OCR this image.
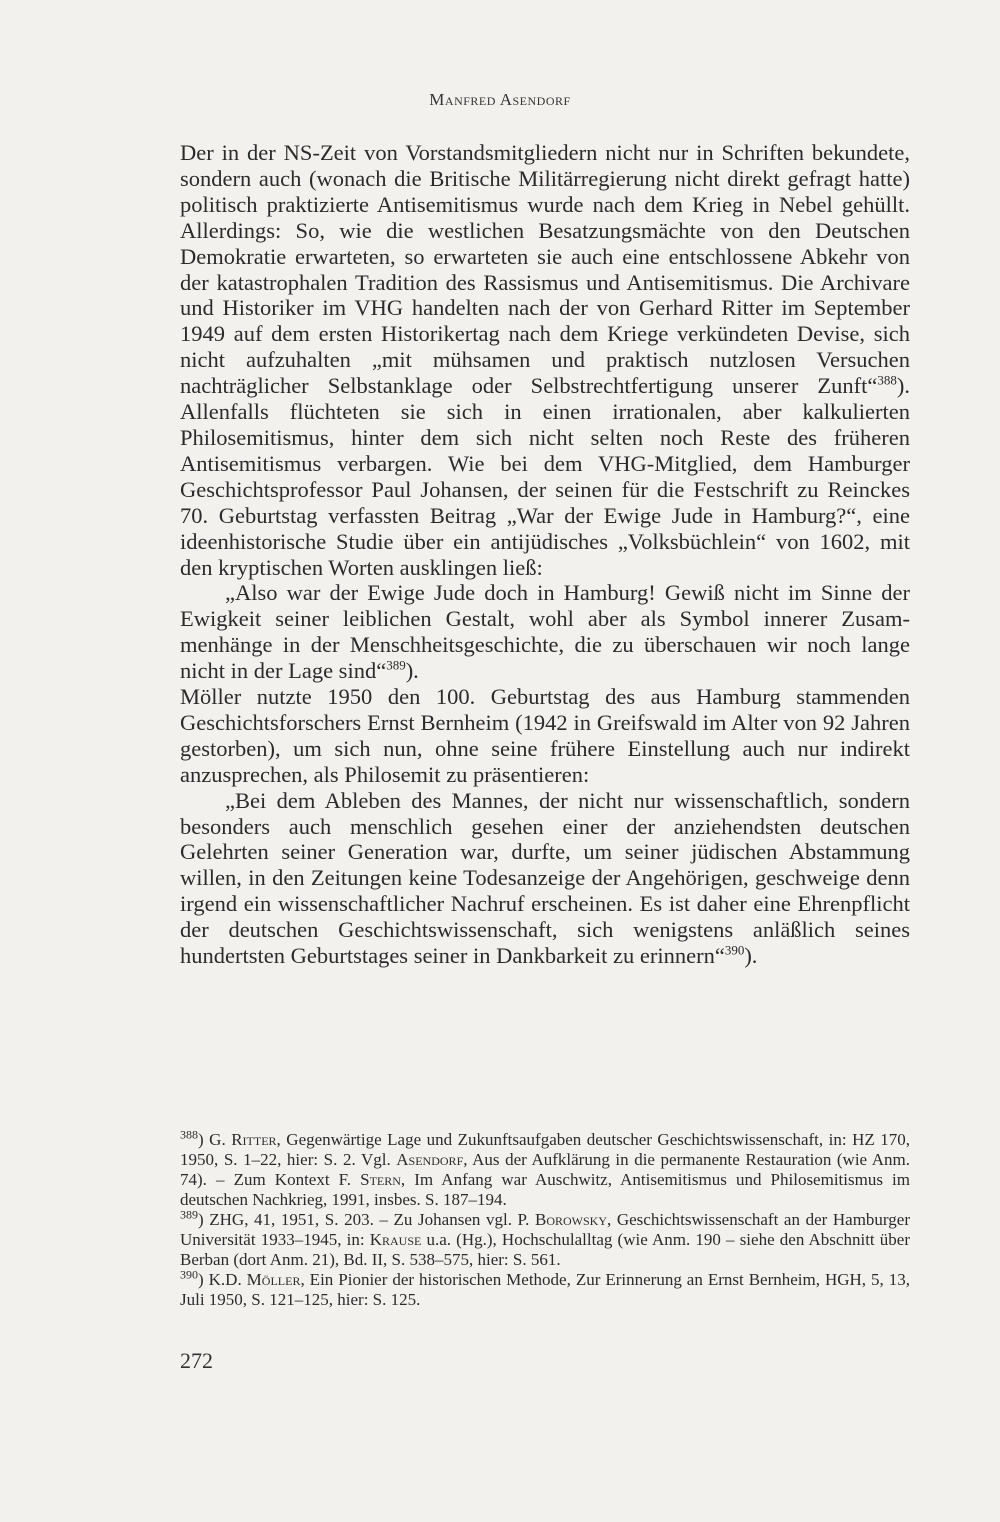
Manfred Asendorf

Der in der NS-Zeit von Vorstandsmitgliedern nicht nur in Schriften bekundete, sondern auch (wonach die Britische Militärregierung nicht direkt gefragt hatte) politisch praktizierte Antisemitismus wurde nach dem Krieg in Nebel gehüllt. Allerdings: So, wie die westlichen Besatzungsmächte von den Deutschen Demokratie erwarteten, so erwarteten sie auch eine entschlossene Abkehr von der katastrophalen Tradition des Rassismus und Antisemitismus. Die Archivare und Historiker im VHG handelten nach der von Gerhard Ritter im September 1949 auf dem ersten Historikertag nach dem Kriege verkündeten Devise, sich nicht aufzuhalten „mit mühsamen und praktisch nutzlosen Versuchen nachträglicher Selbstanklage oder Selbstrechtfertigung unserer Zunft“$^{388}$). Allenfalls flüchteten sie sich in einen irrationalen, aber kalkulierten Philosemitismus, hinter dem sich nicht selten noch Reste des früheren Antisemitismus verbargen. Wie bei dem VHG-Mitglied, dem Hamburger Geschichtsprofessor Paul Johansen, der seinen für die Festschrift zu Reinckes 70. Geburtstag verfassten Beitrag „War der Ewige Jude in Hamburg?“, eine ideenhistorische Studie über ein antijüdisches „Volksbüchlein“ von 1602, mit den kryptischen Worten ausklingen ließ:

„Also war der Ewige Jude doch in Hamburg! Gewiß nicht im Sinne der Ewigkeit seiner leiblichen Gestalt, wohl aber als Symbol innerer Zusammenhänge in der Menschheitsgeschichte, die zu überschauen wir noch lange nicht in der Lage sind“$^{389}$).

Möller nutzte 1950 den 100. Geburtstag des aus Hamburg stammenden Geschichtsforschers Ernst Bernheim (1942 in Greifswald im Alter von 92 Jahren gestorben), um sich nun, ohne seine frühere Einstellung auch nur indirekt anzusprechen, als Philosemit zu präsentieren:

„Bei dem Ableben des Mannes, der nicht nur wissenschaftlich, sondern besonders auch menschlich gesehen einer der anziehendsten deutschen Gelehrten seiner Generation war, durfte, um seiner jüdischen Abstammung willen, in den Zeitungen keine Todesanzeige der Angehörigen, geschweige denn irgend ein wissenschaftlicher Nachruf erscheinen. Es ist daher eine Ehrenpflicht der deutschen Geschichtswissenschaft, sich wenigstens anläßlich seines hundertsten Geburtstages seiner in Dankbarkeit zu erinnern“$^{390}$).

$^{388}$) G. Ritter, Gegenwärtige Lage und Zukunftsaufgaben deutscher Geschichtswissenschaft, in: HZ 170, 1950, S. 1–22, hier: S. 2. Vgl. Asendorf, Aus der Aufklärung in die permanente Restauration (wie Anm. 74). – Zum Kontext F. Stern, Im Anfang war Auschwitz, Antisemitismus und Philosemitismus im deutschen Nachkrieg, 1991, insbes. S. 187–194.

$^{389}$) ZHG, 41, 1951, S. 203. – Zu Johansen vgl. P. Borowsky, Geschichtswissenschaft an der Hamburger Universität 1933–1945, in: Krause u.a. (Hg.), Hochschulalltag (wie Anm. 190 – siehe den Abschnitt über Berban (dort Anm. 21), Bd. II, S. 538–575, hier: S. 561.

$^{390}$) K.D. Möller, Ein Pionier der historischen Methode, Zur Erinnerung an Ernst Bernheim, HGH, 5, 13, Juli 1950, S. 121–125, hier: S. 125.

272
